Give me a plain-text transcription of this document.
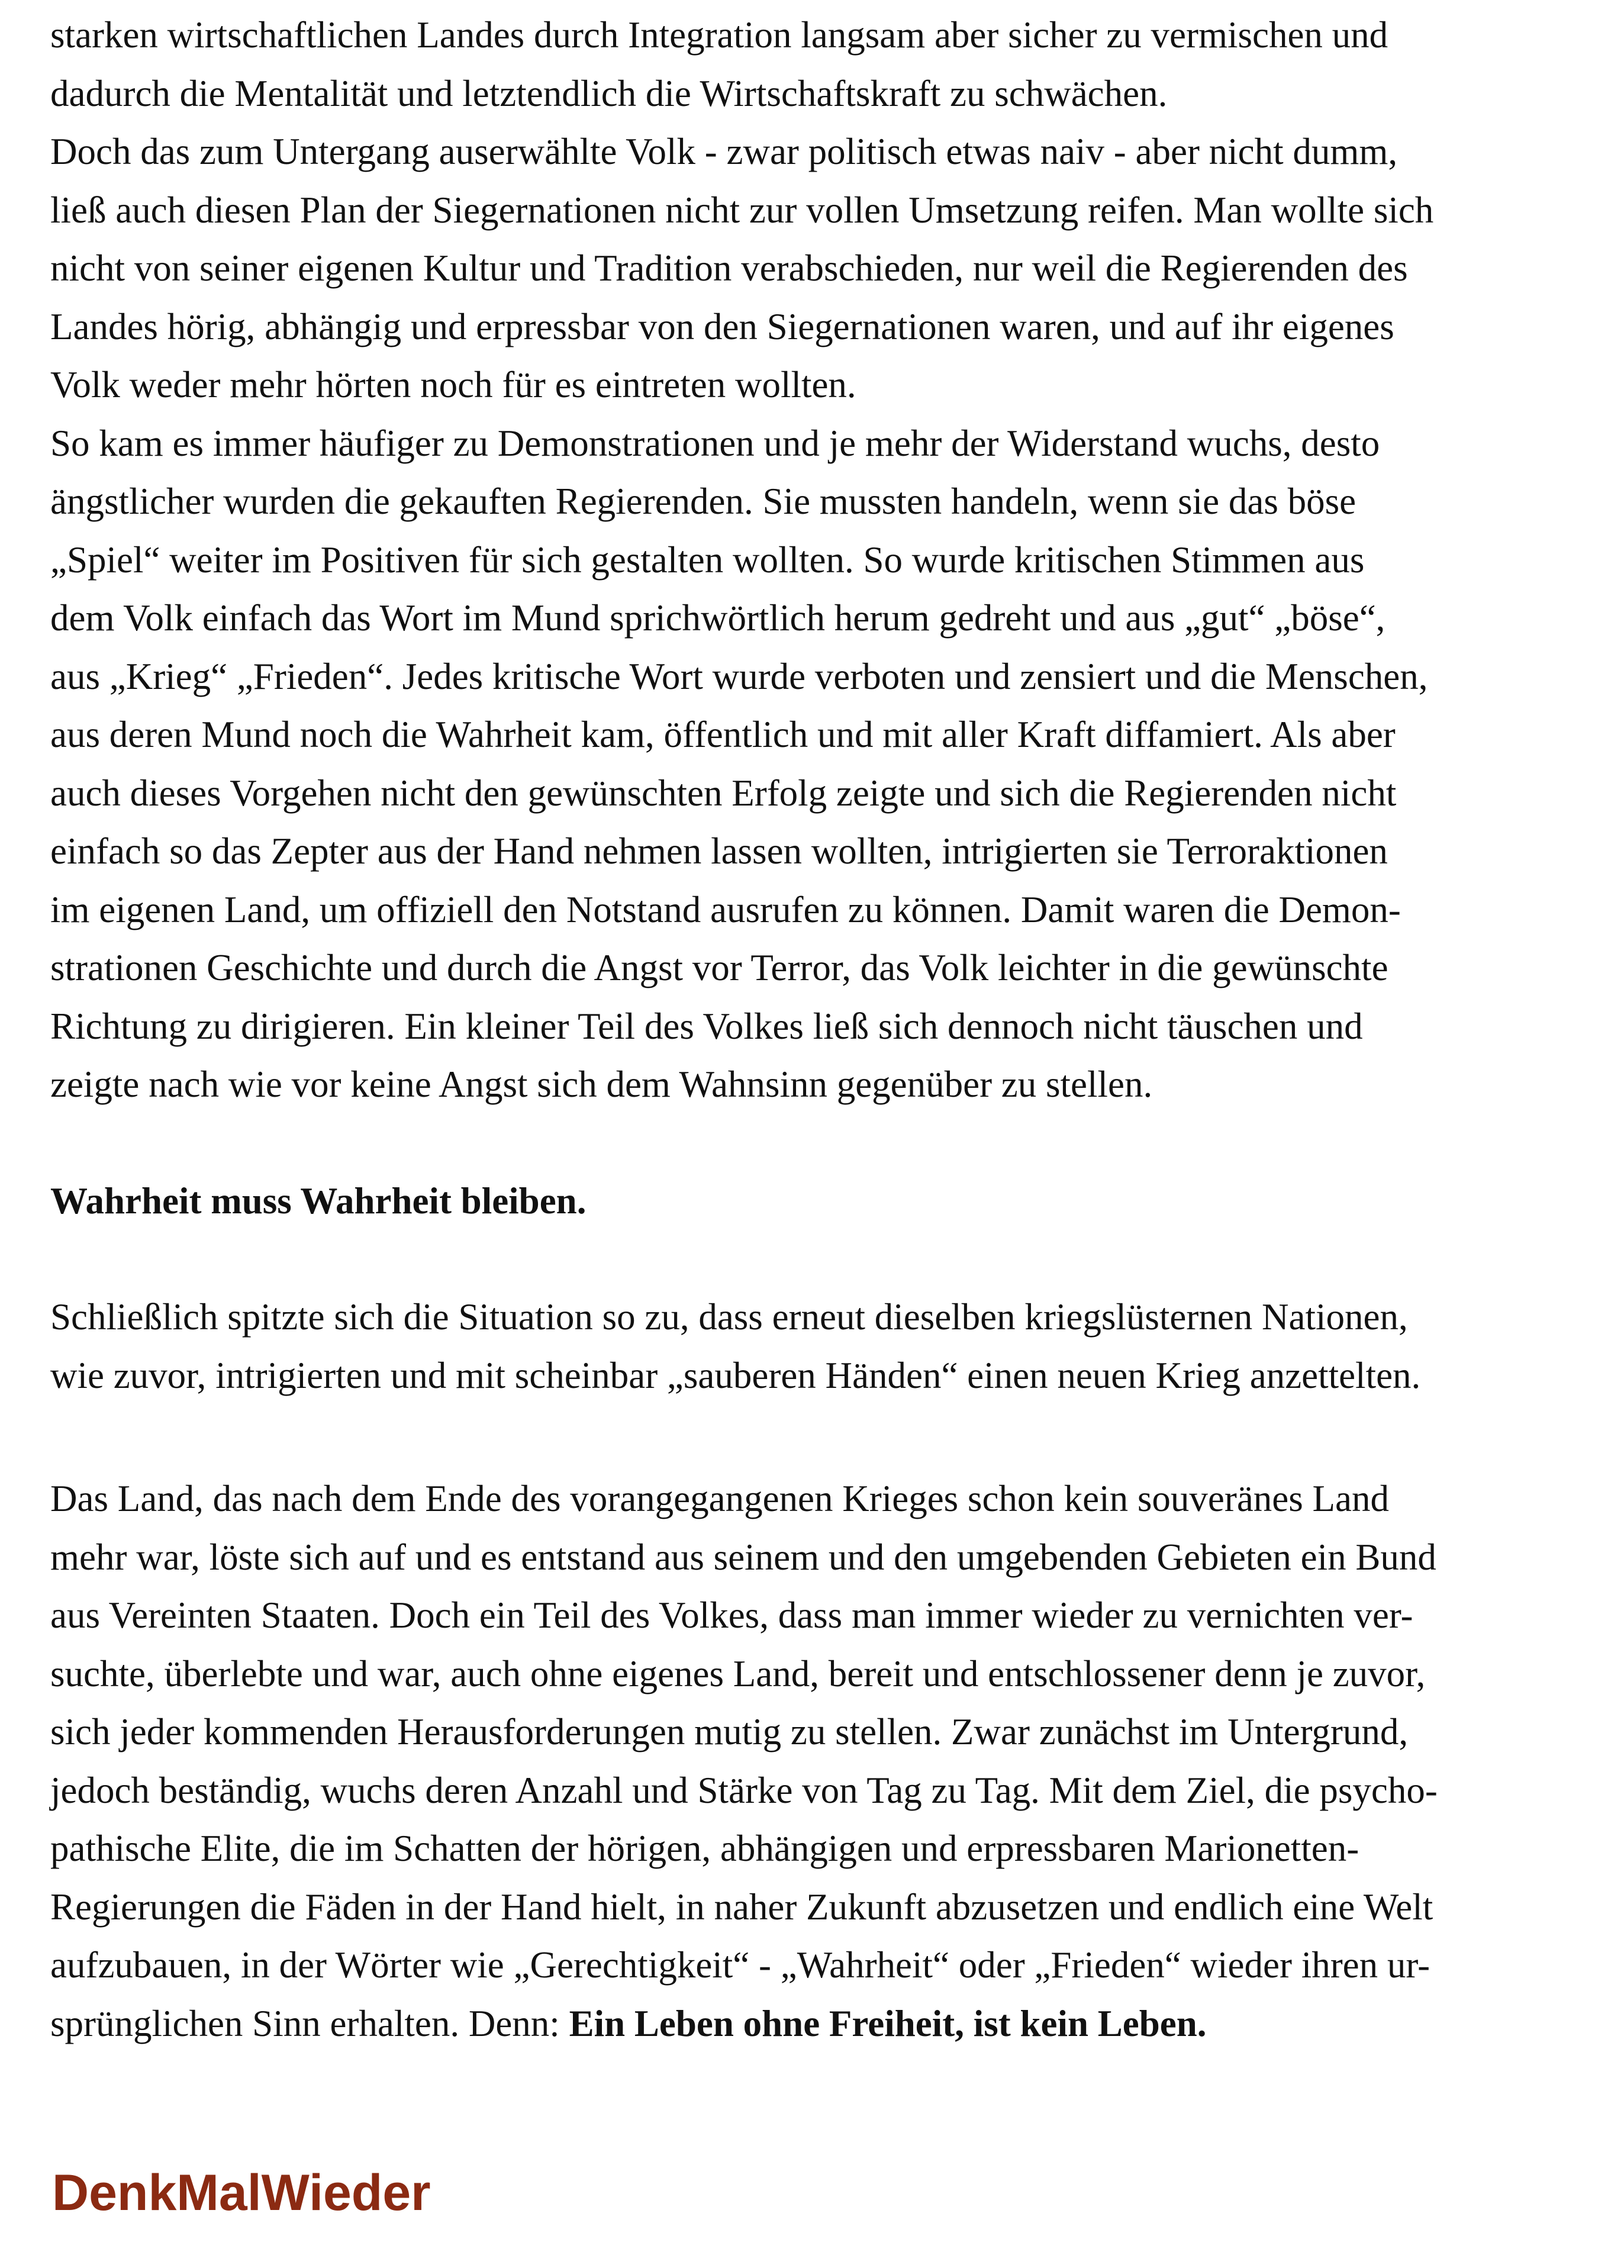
starken wirtschaftlichen Landes durch Integration langsam aber sicher zu vermischen und
dadurch die Mentalität und letztendlich die Wirtschaftskraft zu schwächen.
Doch das zum Untergang auserwählte Volk - zwar politisch etwas naiv - aber nicht dumm,
ließ auch diesen Plan der Siegernationen nicht zur vollen Umsetzung reifen. Man wollte sich
nicht von seiner eigenen Kultur und Tradition verabschieden, nur weil die Regierenden des
Landes hörig, abhängig und erpressbar von den Siegernationen waren, und auf ihr eigenes
Volk weder mehr hörten noch für es eintreten wollten.
So kam es immer häufiger zu Demonstrationen und je mehr der Widerstand wuchs, desto
ängstlicher wurden die gekauften Regierenden. Sie mussten handeln, wenn sie das böse
„Spiel“ weiter im Positiven für sich gestalten wollten. So wurde kritischen Stimmen aus
dem Volk einfach das Wort im Mund sprichwörtlich herum gedreht und aus „gut“ „böse“,
aus „Krieg“ „Frieden“. Jedes kritische Wort wurde verboten und zensiert und die Menschen,
aus deren Mund noch die Wahrheit kam, öffentlich und mit aller Kraft diffamiert. Als aber
auch dieses Vorgehen nicht den gewünschten Erfolg zeigte und sich die Regierenden nicht
einfach so das Zepter aus der Hand nehmen lassen wollten, intrigierten sie Terroraktionen
im eigenen Land, um offiziell den Notstand ausrufen zu können. Damit waren die Demon-
strationen Geschichte und durch die Angst vor Terror, das Volk leichter in die gewünschte
Richtung zu dirigieren. Ein kleiner Teil des Volkes ließ sich dennoch nicht täuschen und
zeigte nach wie vor keine Angst sich dem Wahnsinn gegenüber zu stellen.
Wahrheit muss Wahrheit bleiben.
Schließlich spitzte sich die Situation so zu, dass erneut dieselben kriegslüsternen Nationen,
wie zuvor, intrigierten und mit scheinbar „sauberen Händen“ einen neuen Krieg anzettelten.
Das Land, das nach dem Ende des vorangegangenen Krieges schon kein souveränes Land
mehr war, löste sich auf und es entstand aus seinem und den umgebenden Gebieten ein Bund
aus Vereinten Staaten. Doch ein Teil des Volkes, dass man immer wieder zu vernichten ver-
suchte, überlebte und war, auch ohne eigenes Land, bereit und entschlossener denn je zuvor,
sich jeder kommenden Herausforderungen mutig zu stellen. Zwar zunächst im Untergrund,
jedoch beständig, wuchs deren Anzahl und Stärke von Tag zu Tag. Mit dem Ziel, die psycho-
pathische Elite, die im Schatten der hörigen, abhängigen und erpressbaren Marionetten-
Regierungen die Fäden in der Hand hielt, in naher Zukunft abzusetzen und endlich eine Welt
aufzubauen, in der Wörter wie „Gerechtigkeit“ - „Wahrheit“ oder „Frieden“ wieder ihren ur-
sprünglichen Sinn erhalten. Denn: Ein Leben ohne Freiheit, ist kein Leben.
DenkMalWieder
